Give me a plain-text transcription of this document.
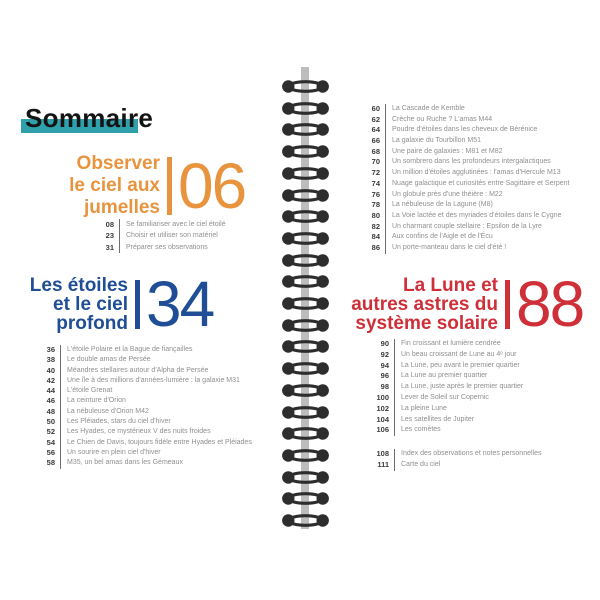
Sommaire
Observer
le ciel aux
jumelles 06
08	Se familiariser avec le ciel étoilé
23	Choisir et utiliser son matériel
31	Préparer ses observations
Les étoiles
et le ciel
profond 34
36	L'étoile Polaire et la Bague de fiançailles
38	Le double amas de Persée
40	Méandres stellaires autour d'Alpha de Persée
42	Une île à des millions d'années-lumière : la galaxie M31
44	L'étoile Grenat
46	La ceinture d'Orion
48	La nébuleuse d'Orion M42
50	Les Pléiades, stars du ciel d'hiver
52	Les Hyades, ce mystérieux V des nuits froides
54	Le Chien de Davis, toujours fidèle entre Hyades et Pléiades
56	Un sourire en plein ciel d'hiver
58	M35, un bel amas dans les Gémeaux
60	La Cascade de Kemble
62	Crèche ou Ruche ? L'amas M44
64	Poudre d'étoiles dans les cheveux de Bérénice
66	La galaxie du Tourbillon M51
68	Une paire de galaxies : M81 et M82
70	Un sombrero dans les profondeurs intergalactiques
72	Un million d'étoiles agglutinées : l'amas d'Hercule M13
74	Nuage galactique et curiosités entre Sagittaire et Serpent
76	Un globule près d'une théière : M22
78	La nébuleuse de la Lagune (M8)
80	La Voie lactée et des myriades d'étoiles dans le Cygne
82	Un charmant couple stellaire : Epsilon de la Lyre
84	Aux confins de l'Aigle et de l'Écu
86	Un porte-manteau dans le ciel d'été !
La Lune et
autres astres du
système solaire 88
90	Fin croissant et lumière cendrée
92	Un beau croissant de Lune au 4ᵉ jour
94	La Lune, peu avant le premier quartier
96	La Lune au premier quartier
98	La Lune, juste après le premier quartier
100	Lever de Soleil sur Copernic
102	La pleine Lune
104	Les satellites de Jupiter
106	Les comètes
108	Index des observations et notes personnelles
111	Carte du ciel
